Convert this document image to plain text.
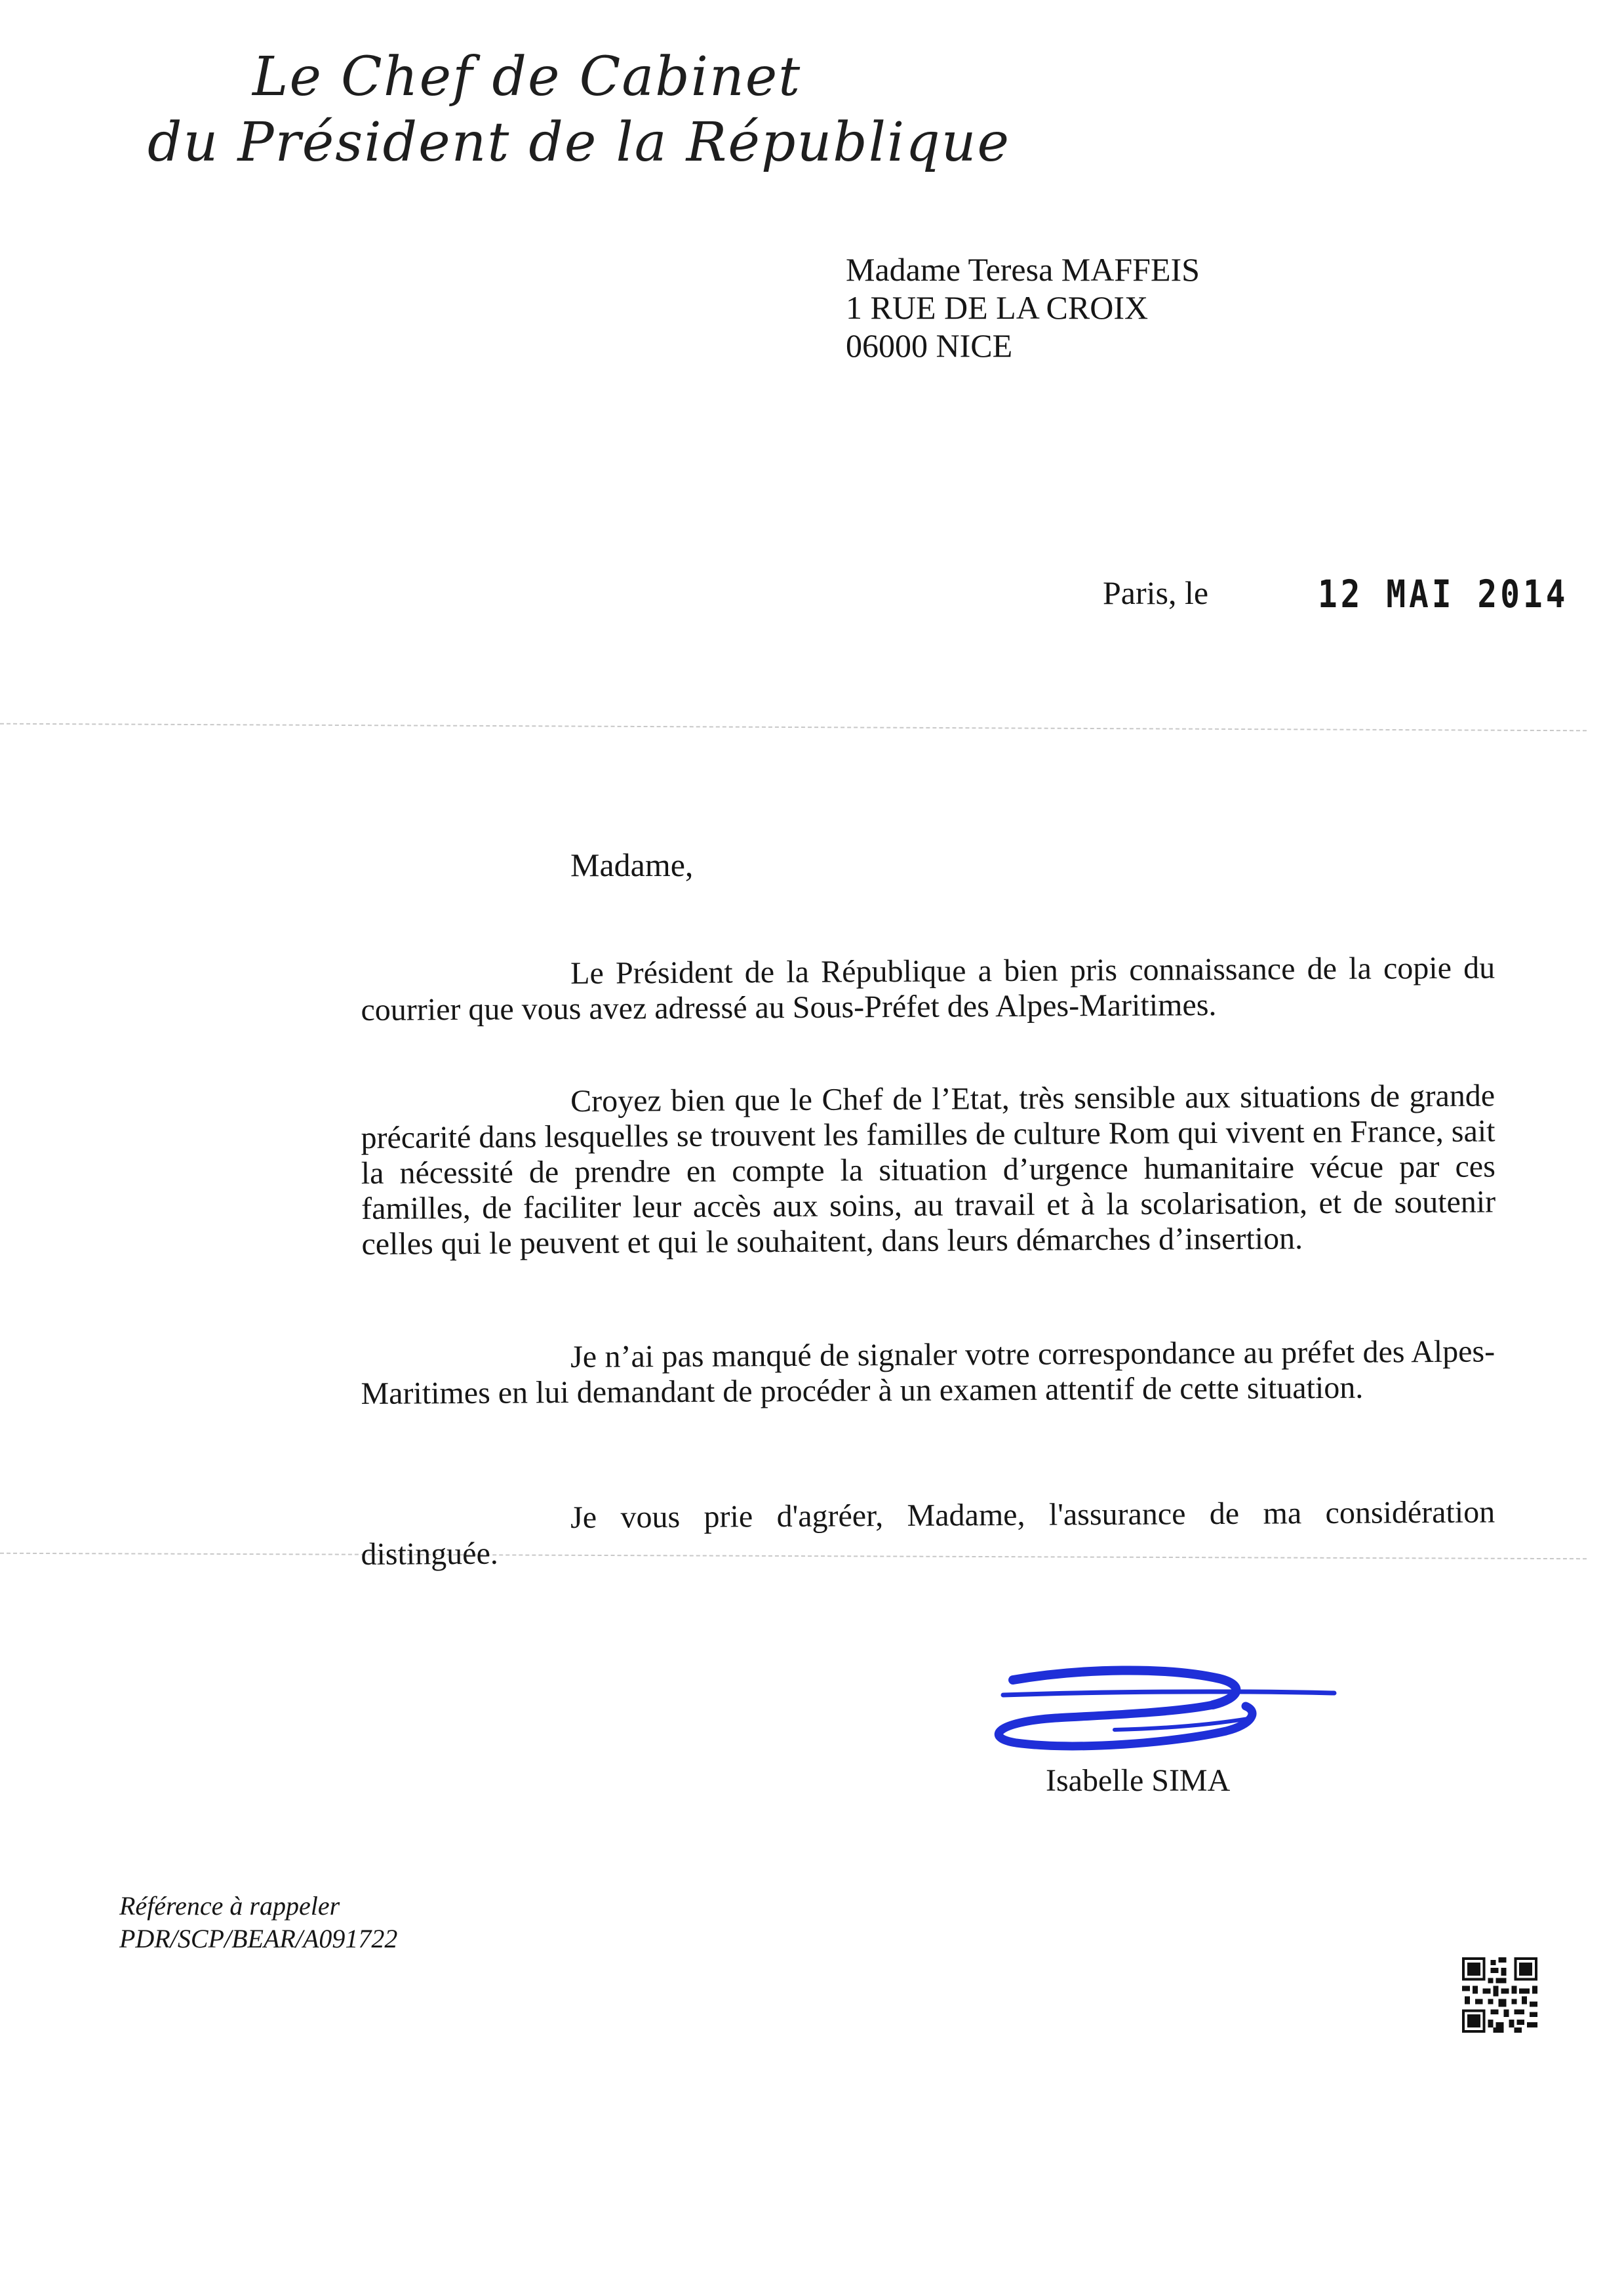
Le Chef de Cabinet
du Président de la République
Madame Teresa MAFFEIS
1 RUE DE LA CROIX
06000 NICE
Paris, le	12 MAI 2014
Madame,
Le Président de la République a bien pris connaissance de la copie du courrier que vous avez adressé au Sous-Préfet des Alpes-Maritimes.
Croyez bien que le Chef de l’Etat, très sensible aux situations de grande précarité dans lesquelles se trouvent les familles de culture Rom qui vivent en France, sait la nécessité de prendre en compte la situation d’urgence humanitaire vécue par ces familles, de faciliter leur accès aux soins, au travail et à la scolarisation, et de soutenir celles qui le peuvent et qui le souhaitent, dans leurs démarches d’insertion.
Je n’ai pas manqué de signaler votre correspondance au préfet des Alpes-Maritimes en lui demandant de procéder à un examen attentif de cette situation.
Je vous prie d'agréer, Madame, l'assurance de ma considération distinguée.
Isabelle SIMA
Référence à rappeler
PDR/SCP/BEAR/A091722
